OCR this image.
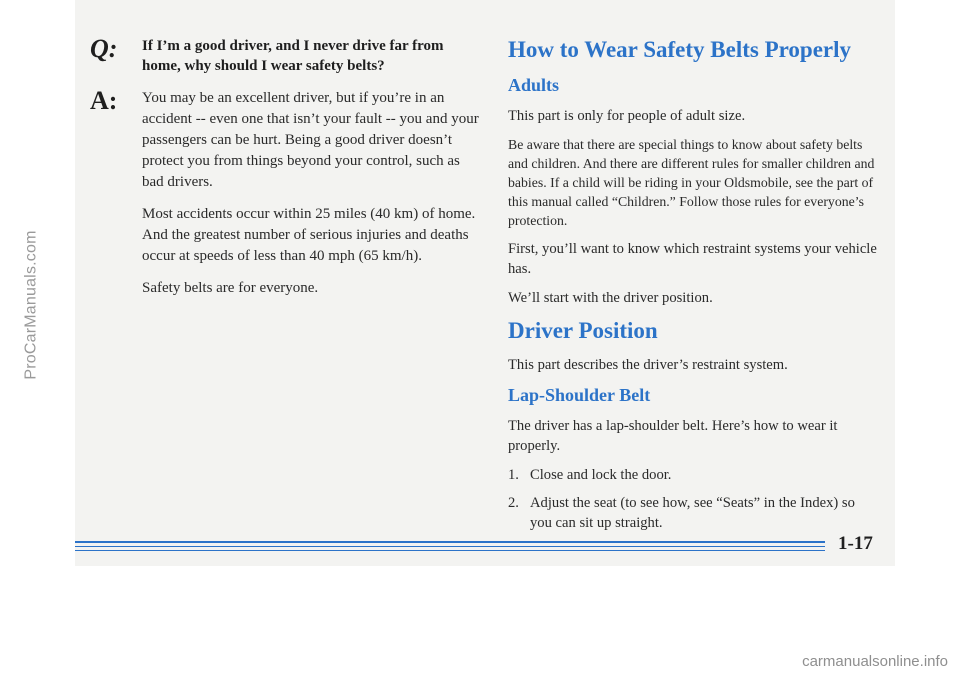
ProCarManuals.com
Q: If I’m a good driver, and I never drive far from home, why should I wear safety belts?

A: You may be an excellent driver, but if you’re in an accident -- even one that isn’t your fault -- you and your passengers can be hurt. Being a good driver doesn’t protect you from things beyond your control, such as bad drivers.

Most accidents occur within 25 miles (40 km) of home. And the greatest number of serious injuries and deaths occur at speeds of less than 40 mph (65 km/h).

Safety belts are for everyone.

How to Wear Safety Belts Properly
Adults

This part is only for people of adult size.

Be aware that there are special things to know about safety belts and children. And there are different rules for smaller children and babies. If a child will be riding in your Oldsmobile, see the part of this manual called “Children.” Follow those rules for everyone’s protection.

First, you’ll want to know which restraint systems your vehicle has.

We’ll start with the driver position.

Driver Position

This part describes the driver’s restraint system.

Lap-Shoulder Belt

The driver has a lap-shoulder belt. Here’s how to wear it properly.

1. Close and lock the door.
2. Adjust the seat (to see how, see “Seats” in the Index) so you can sit up straight.
1-17
carmanualsonline.info
